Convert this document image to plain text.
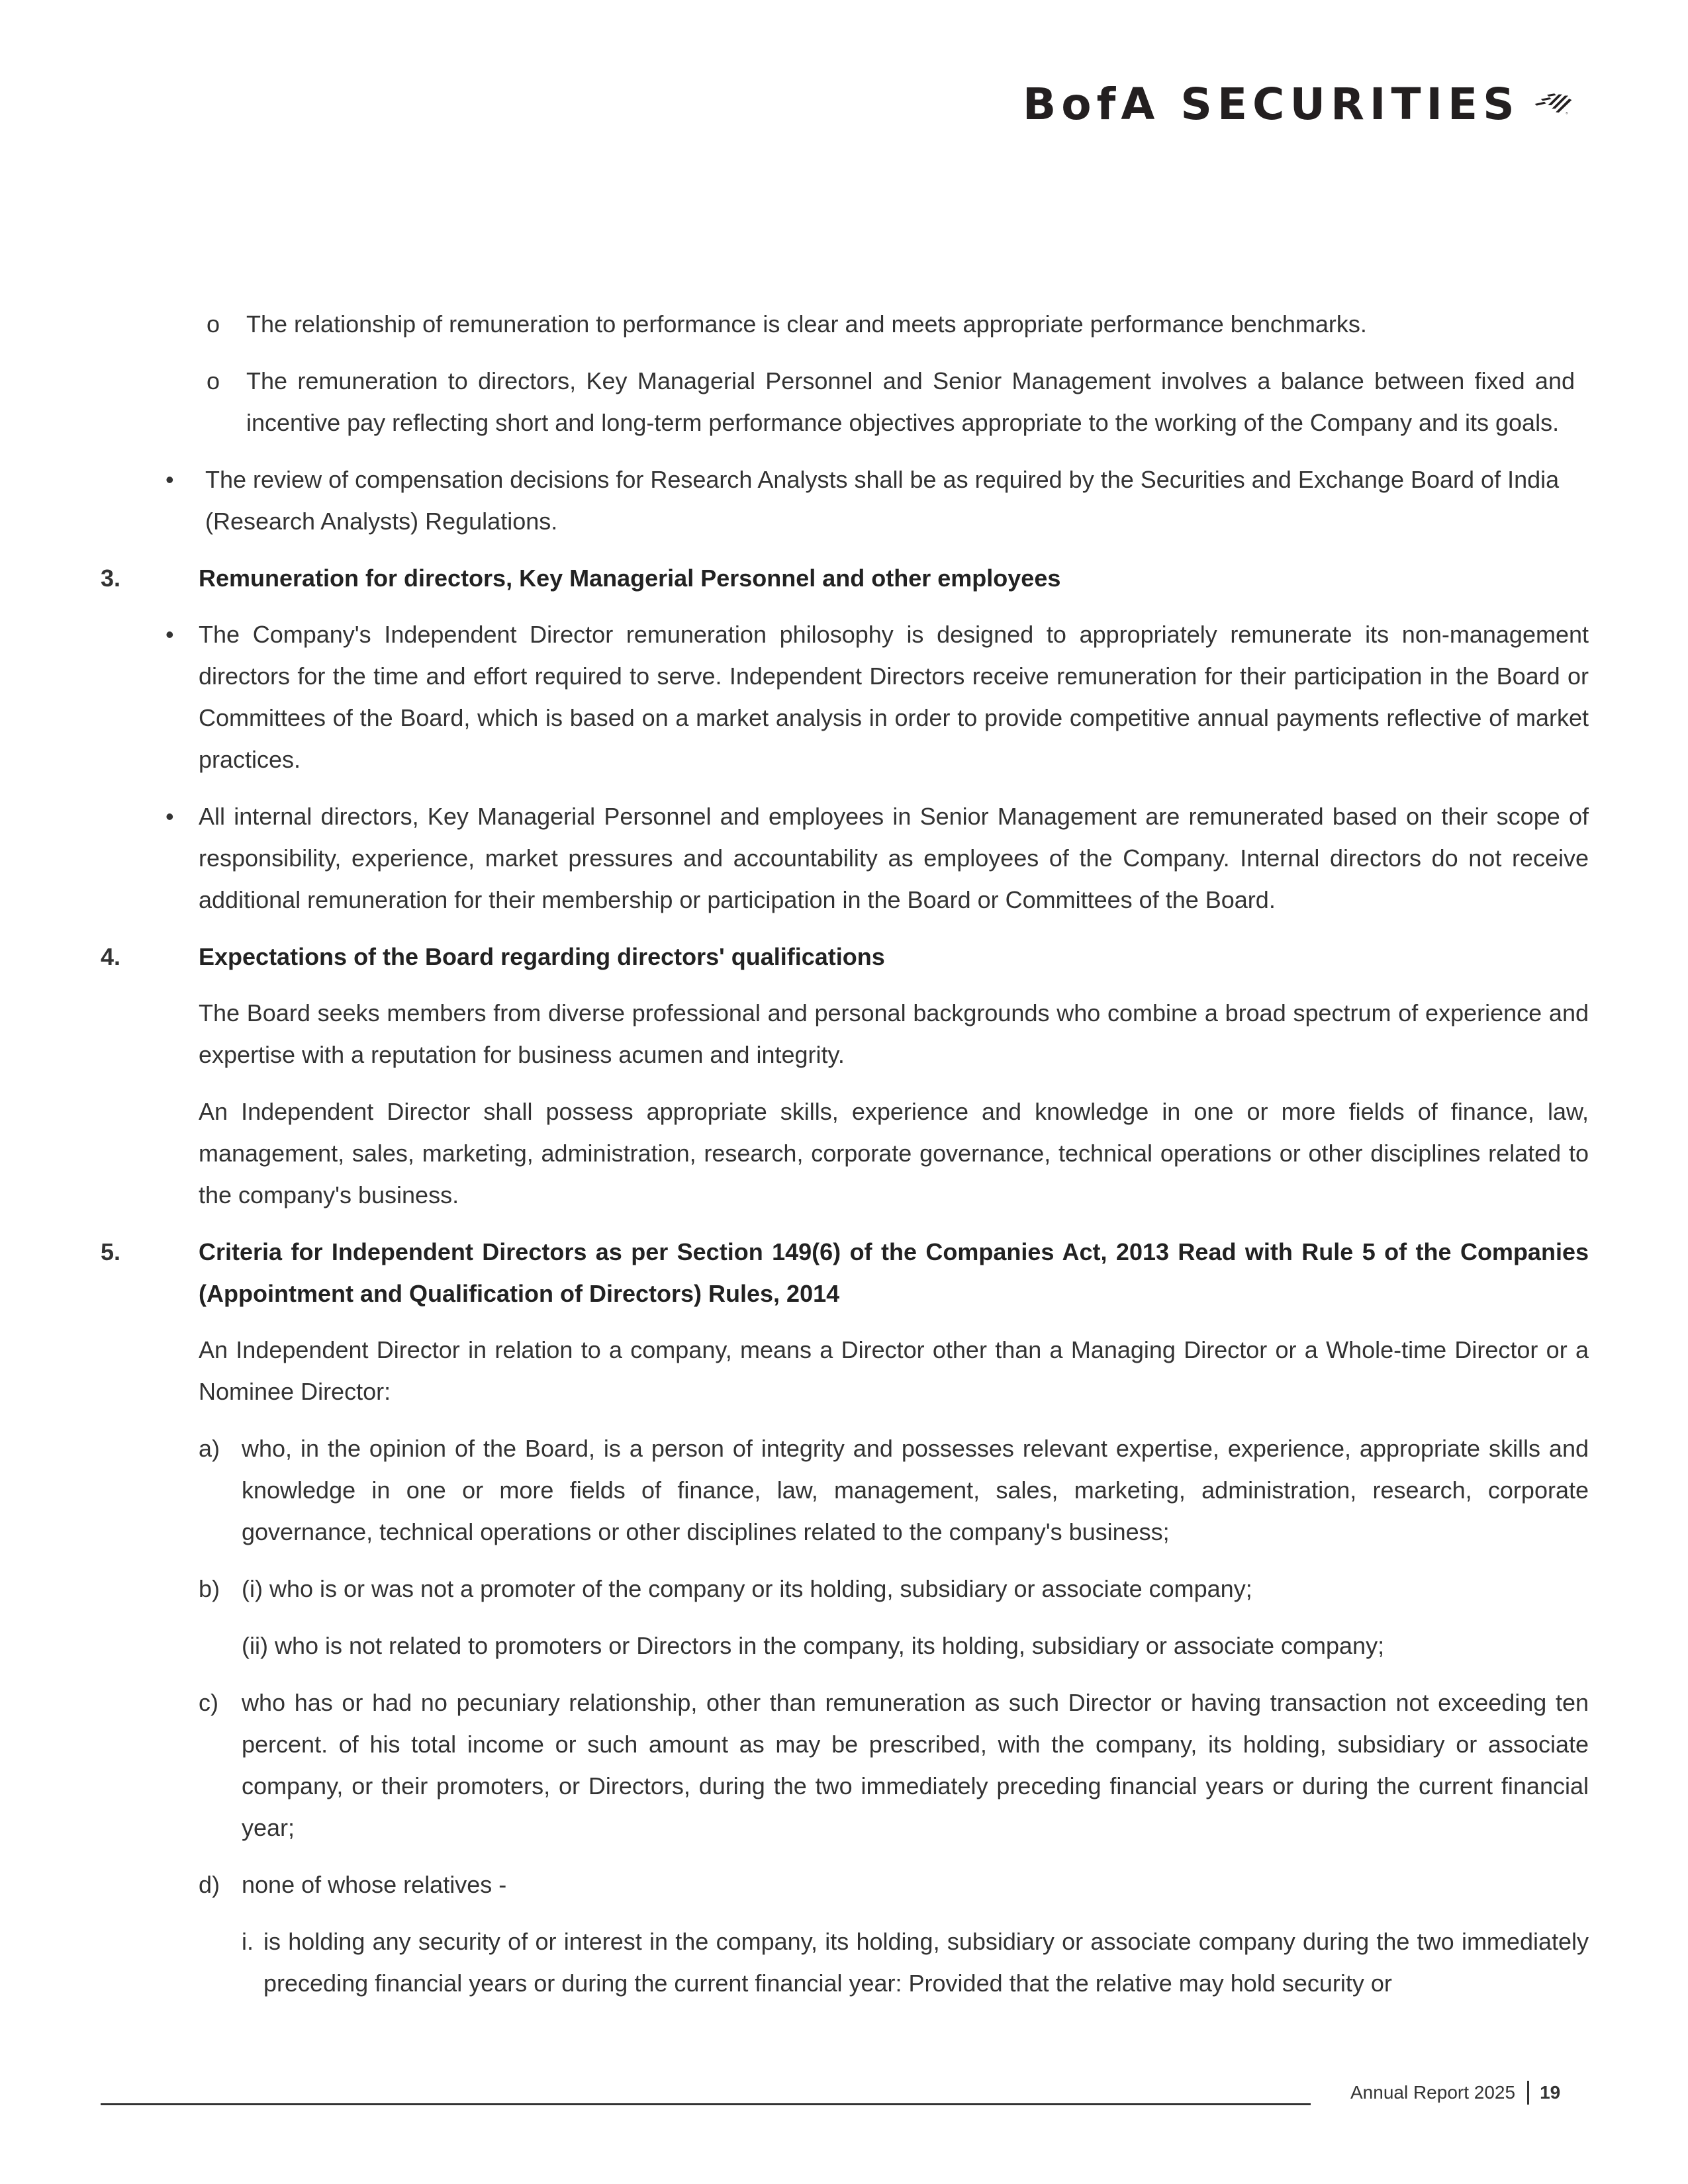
BofA SECURITIES	®
o The relationship of remuneration to performance is clear and meets appropriate performance benchmarks.
o The remuneration to directors, Key Managerial Personnel and Senior Management involves a balance between fixed and incentive pay reflecting short and long-term performance objectives appropriate to the working of the Company and its goals.
• The review of compensation decisions for Research Analysts shall be as required by the Securities and Exchange Board of India (Research Analysts) Regulations.
3.	Remuneration for directors, Key Managerial Personnel and other employees
• The Company's Independent Director remuneration philosophy is designed to appropriately remunerate its non-management directors for the time and effort required to serve. Independent Directors receive remuneration for their participation in the Board or Committees of the Board, which is based on a market analysis in order to provide competitive annual payments reflective of market practices.
• All internal directors, Key Managerial Personnel and employees in Senior Management are remunerated based on their scope of responsibility, experience, market pressures and accountability as employees of the Company. Internal directors do not receive additional remuneration for their membership or participation in the Board or Committees of the Board.
4.	Expectations of the Board regarding directors' qualifications
The Board seeks members from diverse professional and personal backgrounds who combine a broad spectrum of experience and expertise with a reputation for business acumen and integrity.
An Independent Director shall possess appropriate skills, experience and knowledge in one or more fields of finance, law, management, sales, marketing, administration, research, corporate governance, technical operations or other disciplines related to the company's business.
5.	Criteria for Independent Directors as per Section 149(6) of the Companies Act, 2013 Read with Rule 5 of the Companies (Appointment and Qualification of Directors) Rules, 2014
An Independent Director in relation to a company, means a Director other than a Managing Director or a Whole-time Director or a Nominee Director:
a) who, in the opinion of the Board, is a person of integrity and possesses relevant expertise, experience, appropriate skills and knowledge in one or more fields of finance, law, management, sales, marketing, administration, research, corporate governance, technical operations or other disciplines related to the company's business;
b) (i) who is or was not a promoter of the company or its holding, subsidiary or associate company;
(ii) who is not related to promoters or Directors in the company, its holding, subsidiary or associate company;
c) who has or had no pecuniary relationship, other than remuneration as such Director or having transaction not exceeding ten percent. of his total income or such amount as may be prescribed, with the company, its holding, subsidiary or associate company, or their promoters, or Directors, during the two immediately preceding financial years or during the current financial year;
d) none of whose relatives -
i. is holding any security of or interest in the company, its holding, subsidiary or associate company during the two immediately preceding financial years or during the current financial year: Provided that the relative may hold security or
Annual Report 2025 19
